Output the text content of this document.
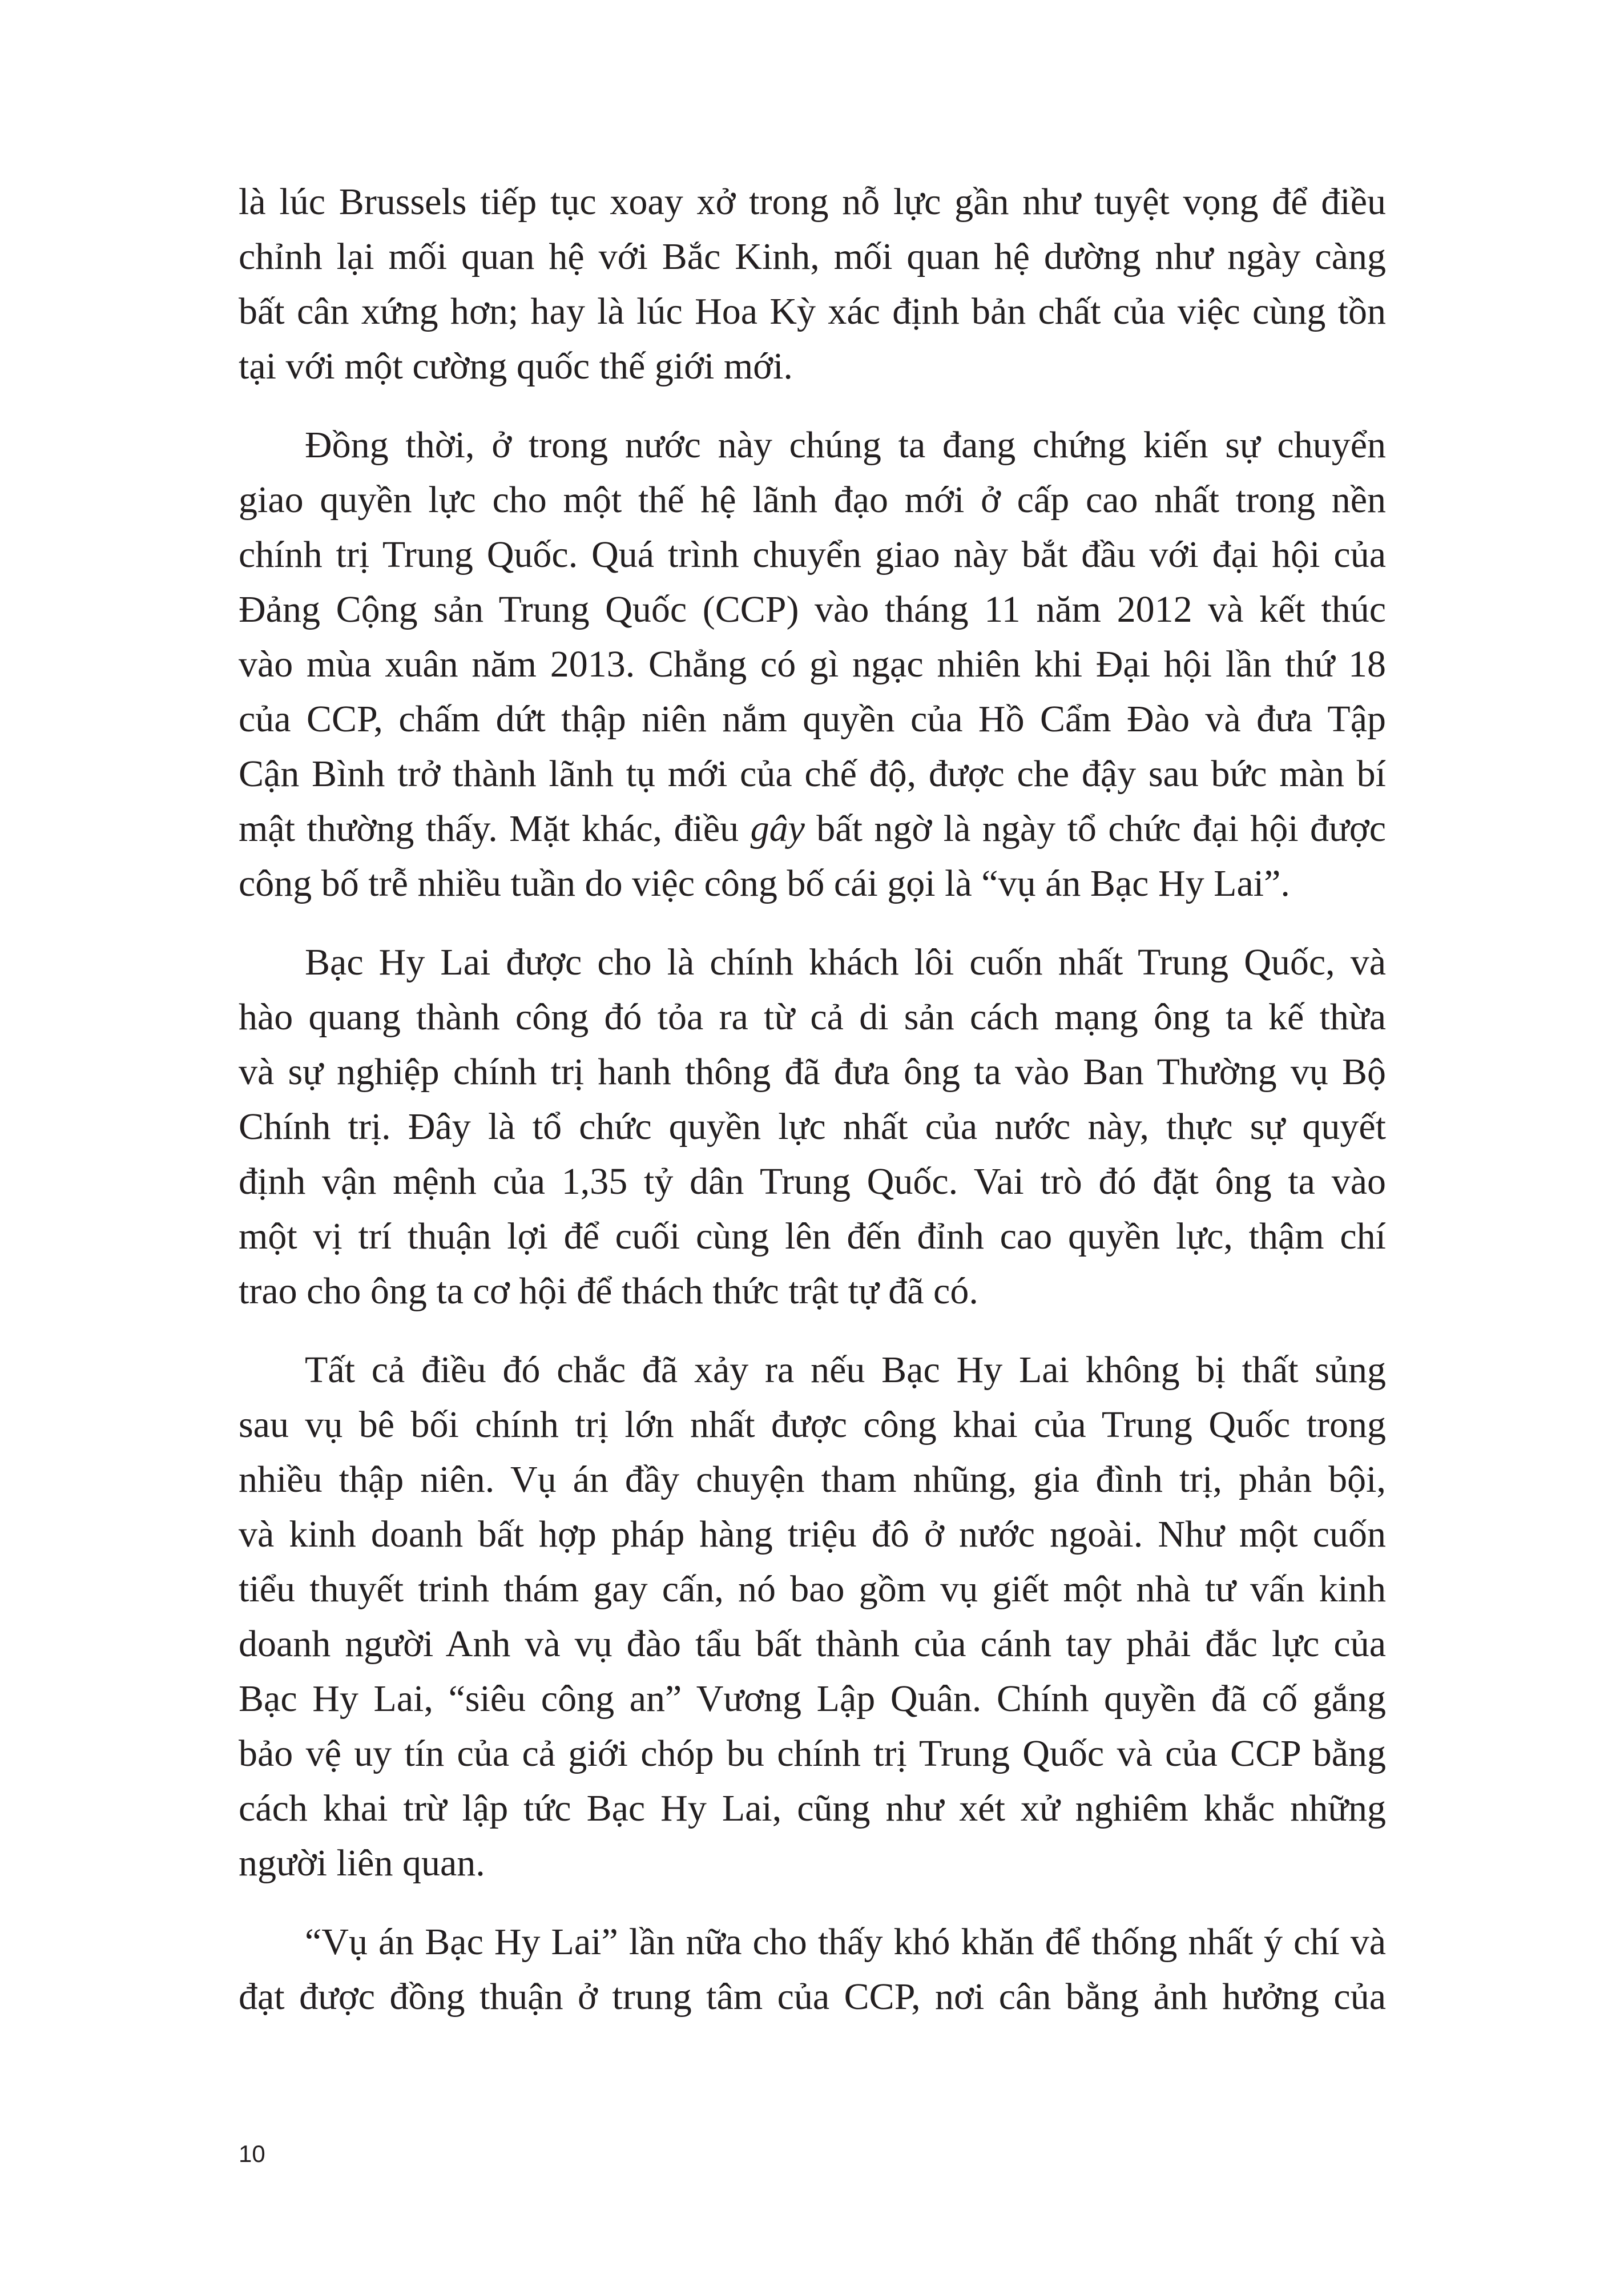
là lúc Brussels tiếp tục xoay xở trong nỗ lực gần như tuyệt vọng để điều
chỉnh lại mối quan hệ với Bắc Kinh, mối quan hệ dường như ngày càng
bất cân xứng hơn; hay là lúc Hoa Kỳ xác định bản chất của việc cùng tồn
tại với một cường quốc thế giới mới.
Đồng thời, ở trong nước này chúng ta đang chứng kiến sự chuyển
giao quyền lực cho một thế hệ lãnh đạo mới ở cấp cao nhất trong nền
chính trị Trung Quốc. Quá trình chuyển giao này bắt đầu với đại hội của
Đảng Cộng sản Trung Quốc (CCP) vào tháng 11 năm 2012 và kết thúc
vào mùa xuân năm 2013. Chẳng có gì ngạc nhiên khi Đại hội lần thứ 18
của CCP, chấm dứt thập niên nắm quyền của Hồ Cẩm Đào và đưa Tập
Cận Bình trở thành lãnh tụ mới của chế độ, được che đậy sau bức màn bí
mật thường thấy. Mặt khác, điều gây bất ngờ là ngày tổ chức đại hội được
công bố trễ nhiều tuần do việc công bố cái gọi là “vụ án Bạc Hy Lai”.
Bạc Hy Lai được cho là chính khách lôi cuốn nhất Trung Quốc, và
hào quang thành công đó tỏa ra từ cả di sản cách mạng ông ta kế thừa
và sự nghiệp chính trị hanh thông đã đưa ông ta vào Ban Thường vụ Bộ
Chính trị. Đây là tổ chức quyền lực nhất của nước này, thực sự quyết
định vận mệnh của 1,35 tỷ dân Trung Quốc. Vai trò đó đặt ông ta vào
một vị trí thuận lợi để cuối cùng lên đến đỉnh cao quyền lực, thậm chí
trao cho ông ta cơ hội để thách thức trật tự đã có.
Tất cả điều đó chắc đã xảy ra nếu Bạc Hy Lai không bị thất sủng
sau vụ bê bối chính trị lớn nhất được công khai của Trung Quốc trong
nhiều thập niên. Vụ án đầy chuyện tham nhũng, gia đình trị, phản bội,
và kinh doanh bất hợp pháp hàng triệu đô ở nước ngoài. Như một cuốn
tiểu thuyết trinh thám gay cấn, nó bao gồm vụ giết một nhà tư vấn kinh
doanh người Anh và vụ đào tẩu bất thành của cánh tay phải đắc lực của
Bạc Hy Lai, “siêu công an” Vương Lập Quân. Chính quyền đã cố gắng
bảo vệ uy tín của cả giới chóp bu chính trị Trung Quốc và của CCP bằng
cách khai trừ lập tức Bạc Hy Lai, cũng như xét xử nghiêm khắc những
người liên quan.
“Vụ án Bạc Hy Lai” lần nữa cho thấy khó khăn để thống nhất ý chí và
đạt được đồng thuận ở trung tâm của CCP, nơi cân bằng ảnh hưởng của
10
